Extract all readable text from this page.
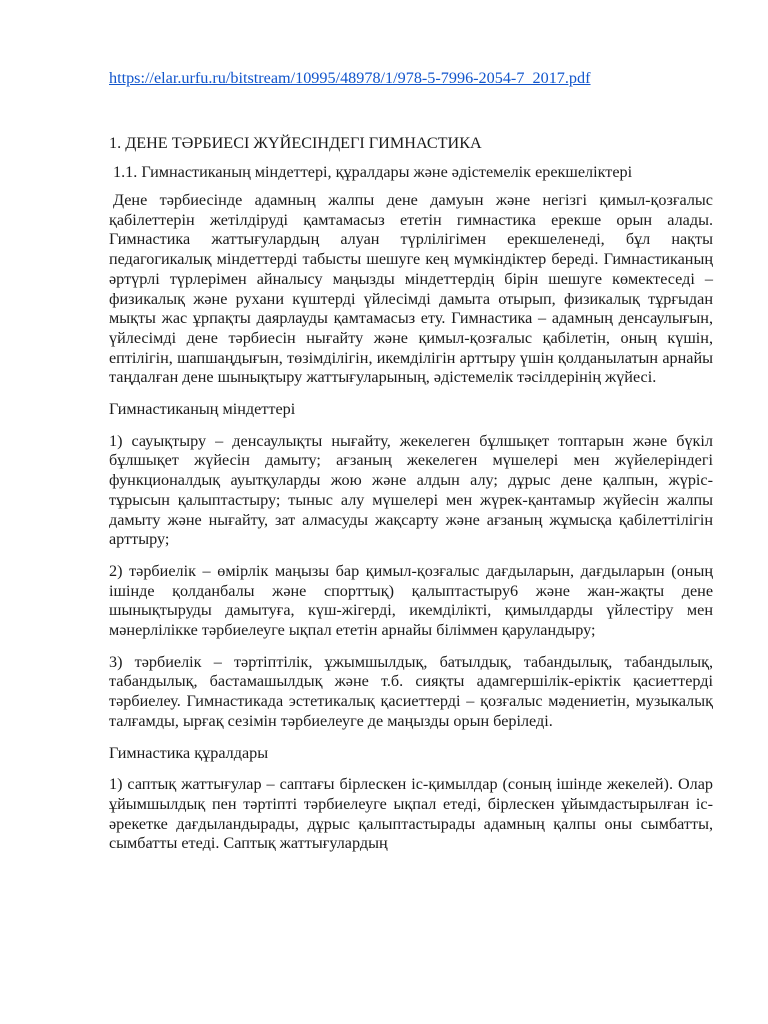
https://elar.urfu.ru/bitstream/10995/48978/1/978-5-7996-2054-7_2017.pdf
1. ДЕНЕ ТӘРБИЕСІ ЖҮЙЕСІНДЕГІ ГИМНАСТИКА
1.1. Гимнастиканың міндеттері, құралдары және әдістемелік ерекшеліктері

Дене тәрбиесінде адамның жалпы дене дамуын және негізгі қимыл-қозғалыс қабілеттерін жетілдіруді қамтамасыз ететін гимнастика ерекше орын алады. Гимнастика жаттығулардың алуан түрлілігімен ерекшеленеді, бұл нақты педагогикалық міндеттерді табысты шешуге кең мүмкіндіктер береді. Гимнастиканың әртүрлі түрлерімен айналысу маңызды міндеттердің бірін шешуге көмектеседі – физикалық және рухани күштерді үйлесімді дамыта отырып, физикалық тұрғыдан мықты жас ұрпақты даярлауды қамтамасыз ету. Гимнастика – адамның денсаулығын, үйлесімді дене тәрбиесін нығайту және қимыл-қозғалыс қабілетін, оның күшін, ептілігін, шапшаңдығын, төзімділігін, икемділігін арттыру үшін қолданылатын арнайы таңдалған дене шынықтыру жаттығуларының, әдістемелік тәсілдерінің жүйесі.

Гимнастиканың міндеттері

1) сауықтыру – денсаулықты нығайту, жекелеген бұлшықет топтарын және бүкіл бұлшықет жүйесін дамыту; ағзаның жекелеген мүшелері мен жүйелеріндегі функционалдық ауытқуларды жою және алдын алу; дұрыс дене қалпын, жүріс-тұрысын қалыптастыру; тыныс алу мүшелері мен жүрек-қантамыр жүйесін жалпы дамыту және нығайту, зат алмасуды жақсарту және ағзаның жұмысқа қабілеттілігін арттыру;

2) тәрбиелік – өмірлік маңызы бар қимыл-қозғалыс дағдыларын, дағдыларын (оның ішінде қолданбалы және спорттық) қалыптастыру6 және жан-жақты дене шынықтыруды дамытуға, күш-жігерді, икемділікті, қимылдарды үйлестіру мен мәнерлілікке тәрбиелеуге ықпал ететін арнайы біліммен қаруландыру;

3) тәрбиелік – тәртіптілік, ұжымшылдық, батылдық, табандылық, табандылық, табандылық, бастамашылдық және т.б. сияқты адамгершілік-еріктік қасиеттерді тәрбиелеу. Гимнастикада эстетикалық қасиеттерді – қозғалыс мәдениетін, музыкалық талғамды, ырғақ сезімін тәрбиелеуге де маңызды орын беріледі.

Гимнастика құралдары

1) саптық жаттығулар – саптағы бірлескен іс-қимылдар (соның ішінде жекелей). Олар ұйымшылдық пен тәртіпті тәрбиелеуге ықпал етеді, бірлескен ұйымдастырылған іс-әрекетке дағдыландырады, дұрыс қалыптастырады адамның қалпы оны сымбатты, сымбатты етеді. Саптық жаттығулардың
